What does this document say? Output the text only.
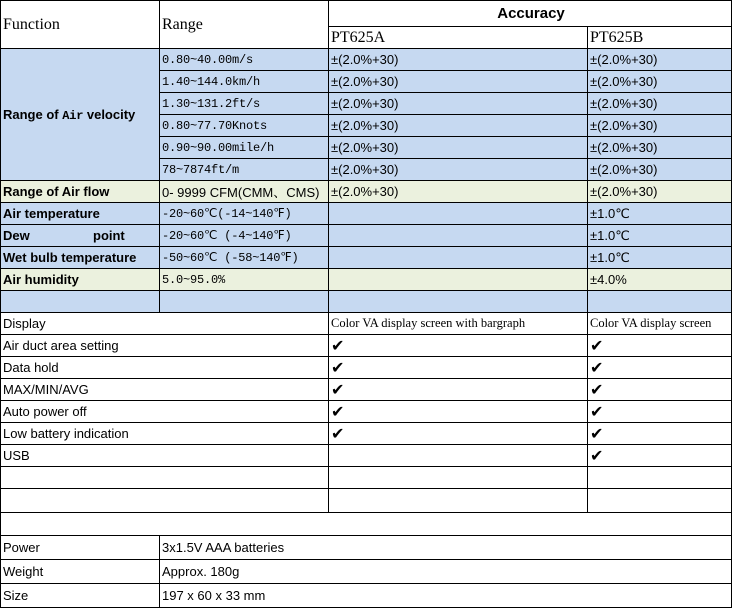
Function	Range	Accuracy	
		PT625A	PT625B
Range of Air velocity	0.80~40.00m/s	±(2.0%+30)	±(2.0%+30)
	1.40~144.0km/h	±(2.0%+30)	±(2.0%+30)
	1.30~131.2ft/s	±(2.0%+30)	±(2.0%+30)
	0.80~77.70Knots	±(2.0%+30)	±(2.0%+30)
	0.90~90.00mile/h	±(2.0%+30)	±(2.0%+30)
	78~7874ft/m	±(2.0%+30)	±(2.0%+30)
Range of Air flow	0- 9999 CFM(CMM、CMS)	±(2.0%+30)	±(2.0%+30)
Air temperature	-20~60℃(-14~140℉)		±1.0℃
Dew point	-20~60℃ (-4~140℉)		±1.0℃
Wet bulb temperature	-50~60℃ (-58~140℉)		±1.0℃
Air humidity	5.0~95.0%		±4.0%

Display		Color VA display screen with bargraph	Color VA display screen
Air duct area setting		✔	✔
Data hold		✔	✔
MAX/MIN/AVG		✔	✔
Auto power off		✔	✔
Low battery indication		✔	✔
USB			✔

Power	3x1.5V AAA batteries		
Weight	Approx. 180g		
Size	197 x 60 x 33 mm		
